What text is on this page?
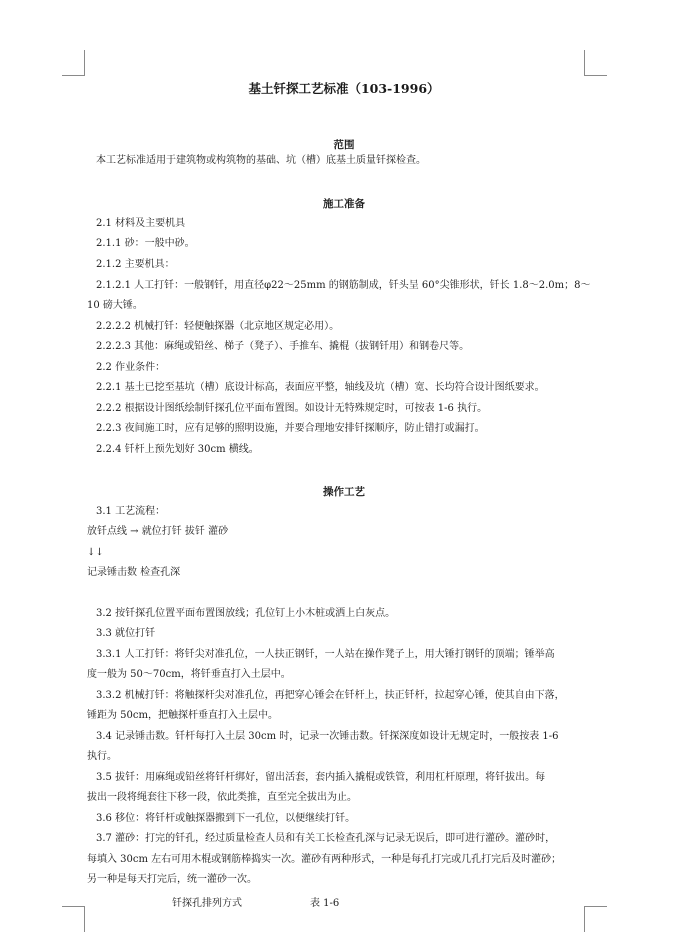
基土钎探工艺标准（103-1996）
范围
本工艺标准适用于建筑物或构筑物的基础、坑（槽）底基土质量钎探检查。
施工准备
2.1 材料及主要机具
2.1.1 砂：一般中砂。
2.1.2 主要机具：
2.1.2.1 人工打钎：一般钢钎，用直径φ22～25mm 的钢筋制成，钎头呈 60°尖锥形状，钎长 1.8～2.0m；8～
10 磅大锤。
2.2.2.2 机械打钎：轻便触探器（北京地区规定必用）。
2.2.2.3 其他：麻绳或铅丝、梯子（凳子）、手推车、撬棍（拔钢钎用）和钢卷尺等。
2.2 作业条件：
2.2.1 基土已挖至基坑（槽）底设计标高，表面应平整，轴线及坑（槽）宽、长均符合设计图纸要求。
2.2.2 根据设计图纸绘制钎探孔位平面布置图。如设计无特殊规定时，可按表 1-6 执行。
2.2.3 夜间施工时，应有足够的照明设施，并要合理地安排钎探顺序，防止错打或漏打。
2.2.4 钎杆上预先划好 30cm 横线。
操作工艺
3.1 工艺流程：
放钎点线 → 就位打钎 拔钎 灌砂
↓↓
记录锤击数 检查孔深
3.2 按钎探孔位置平面布置图放线；孔位钉上小木桩或洒上白灰点。
3.3 就位打钎
3.3.1 人工打钎：将钎尖对准孔位，一人扶正钢钎，一人站在操作凳子上，用大锤打钢钎的顶端；锤举高
度一般为 50～70cm，将钎垂直打入土层中。
3.3.2 机械打钎：将触探杆尖对准孔位，再把穿心锤会在钎杆上，扶正钎杆，拉起穿心锤，使其自由下落，
锤距为 50cm，把触探杆垂直打入土层中。
3.4 记录锤击数。钎杆每打入土层 30cm 时，记录一次锤击数。钎探深度如设计无规定时，一般按表 1-6
执行。
3.5 拔钎：用麻绳或铅丝将钎杆绑好，留出活套，套内插入撬棍或铁管，利用杠杆原理，将钎拔出。每
拔出一段将绳套往下移一段，依此类推，直至完全拔出为止。
3.6 移位：将钎杆或触探器搬到下一孔位，以便继续打钎。
3.7 灌砂：打完的钎孔，经过质量检查人员和有关工长检查孔深与记录无误后，即可进行灌砂。灌砂时，
每填入 30cm 左右可用木棍或钢筋棒捣实一次。灌砂有两种形式，一种是每孔打完或几孔打完后及时灌砂；
另一种是每天打完后，统一灌砂一次。
钎探孔排列方式	表 1-6
